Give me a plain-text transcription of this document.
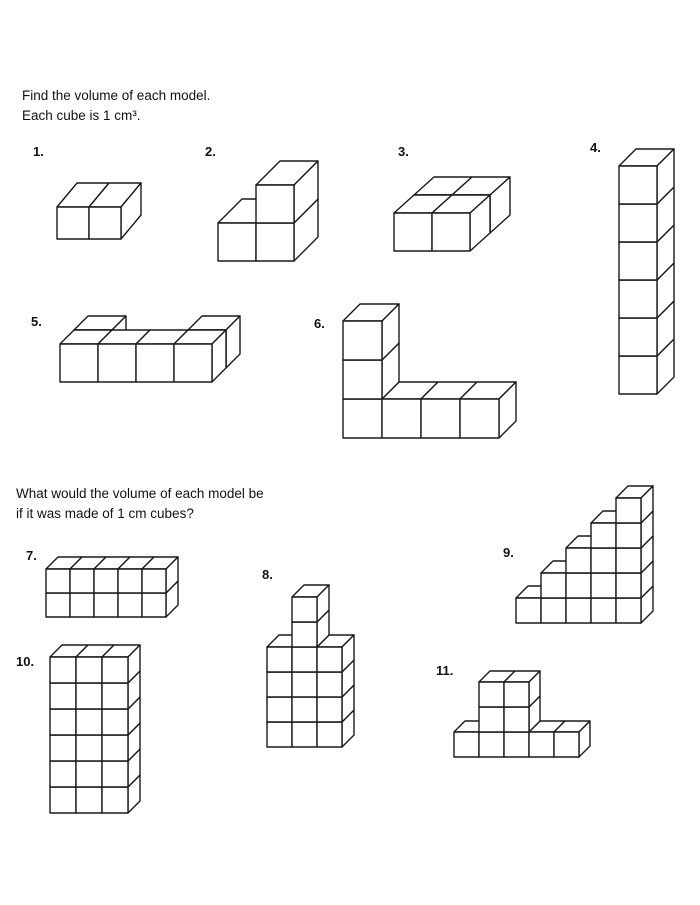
Find the volume of each model.
Each cube is 1 cm³.
What would the volume of each model be
if it was made of 1 cm cubes?
1.	2.	3.	4.
5.	6.
7.
8.
9.
10.
11.
